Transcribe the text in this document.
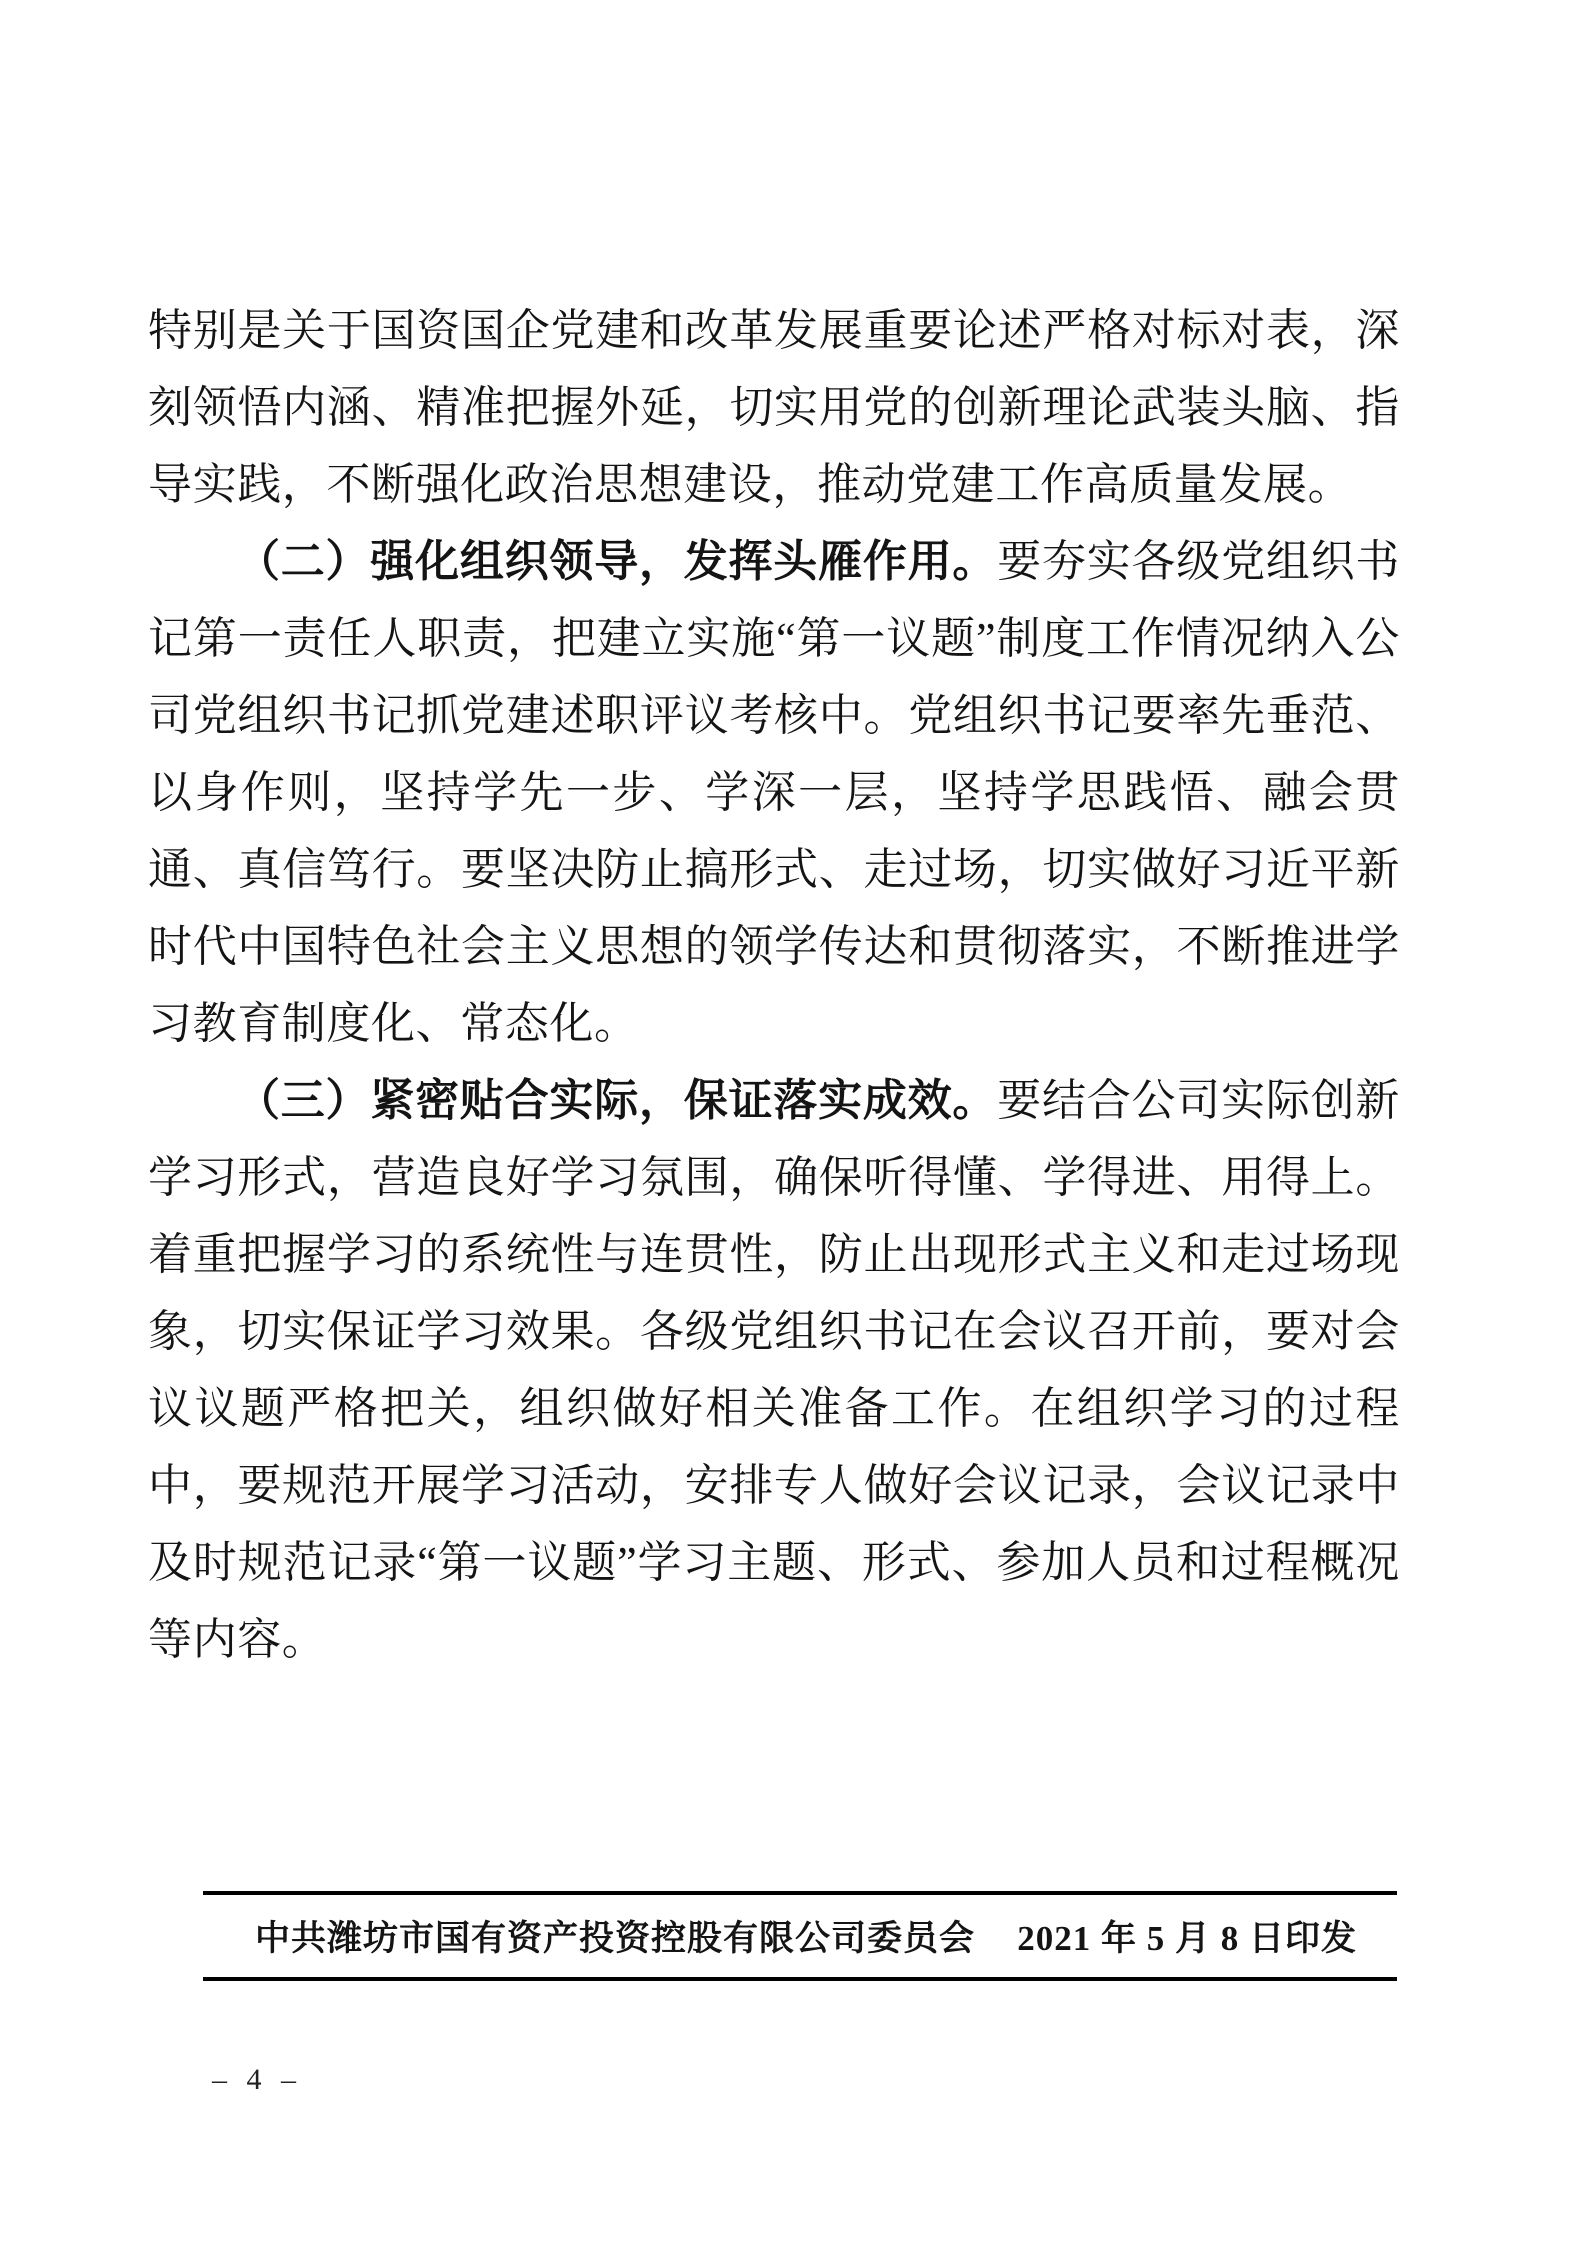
特别是关于国资国企党建和改革发展重要论述严格对标对表，深刻领悟内涵、精准把握外延，切实用党的创新理论武装头脑、指导实践，不断强化政治思想建设，推动党建工作高质量发展。

（二）强化组织领导，发挥头雁作用。要夯实各级党组织书记第一责任人职责，把建立实施“第一议题”制度工作情况纳入公司党组织书记抓党建述职评议考核中。党组织书记要率先垂范、以身作则，坚持学先一步、学深一层，坚持学思践悟、融会贯通、真信笃行。要坚决防止搞形式、走过场，切实做好习近平新时代中国特色社会主义思想的领学传达和贯彻落实，不断推进学习教育制度化、常态化。

（三）紧密贴合实际，保证落实成效。要结合公司实际创新学习形式，营造良好学习氛围，确保听得懂、学得进、用得上。着重把握学习的系统性与连贯性，防止出现形式主义和走过场现象，切实保证学习效果。各级党组织书记在会议召开前，要对会议议题严格把关，组织做好相关准备工作。在组织学习的过程中，要规范开展学习活动，安排专人做好会议记录，会议记录中及时规范记录“第一议题”学习主题、形式、参加人员和过程概况等内容。

中共潍坊市国有资产投资控股有限公司委员会 2021 年 5 月 8 日印发
– 4 –
